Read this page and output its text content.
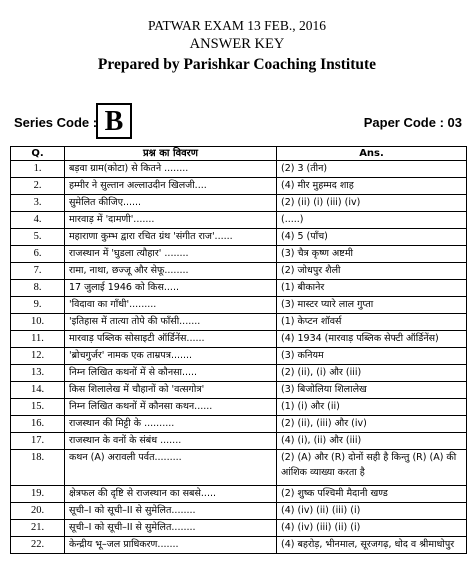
PATWAR EXAM 13 FEB., 2016
ANSWER KEY
Prepared by Parishkar Coaching Institute
Series Code : B	Paper Code : 03
Q.	प्रश्न का विवरण	Ans.
1.	बड़वा ग्राम(कोटा) से कितने ........	(2) 3 (तीन)
2.	हम्मीर ने सुल्तान अल्लाउदीन खिलजी....	(4) मीर मुहम्मद शाह
3.	सुमेलित कीजिए......	(2) (ii) (i) (iii) (iv)
4.	मारवाड़ में 'दामणी'.......	(.....)
5.	महाराणा कुम्भ द्वारा रचित ग्रंथ 'संगीत राज'......	(4) 5 (पाँच)
6.	राजस्थान में 'घुडला त्यौहार' ........	(3) चैत्र कृष्ण अष्टमी
7.	रामा, नाथा, छज्जू और सेफू........	(2) जोधपुर शैली
8.	17 जुलाई 1946 को किस.....	(1) बीकानेर
9.	'विदावा का गाँधी'.........	(3) मास्टर प्यारे लाल गुप्ता
10.	'इतिहास में तात्या तोपे की फाँसी.......	(1) केप्टन शॉवर्स
11.	मारवाड़ पब्लिक सोसाइटी ऑर्डिनेंस......	(4) 1934 (मारवाड़ पब्लिक सेफ्टी ऑर्डिनेंस)
12.	'ब्रोचगुर्जर' नामक एक ताम्रपत्र.......	(3) कनियम
13.	निम्न लिखित कथनों में से कौनसा.....	(2) (ii), (i) और (iii)
14.	किस शिलालेख में चौहानों को 'वत्सगोत्र'	(3) बिजोलिया शिलालेख
15.	निम्न लिखित कथनों में कौनसा कथन......	(1) (i) और (ii)
16.	राजस्थान की मिट्टी के ..........	(2) (ii), (iii) और (iv)
17.	राजस्थान के वनों के संबंध .......	(4) (i), (ii) और (iii)
18.	कथन (A) अरावली पर्वत.........	(2) (A) और (R) दोनों सही है किन्तु (R) (A) की आंशिक व्याख्या करता है
19.	क्षेत्रफल की दृष्टि से राजस्थान का सबसे.....	(2) शुष्क पश्चिमी मैदानी खण्ड
20.	सूची–I को सूची–II से सुमेलित........	(4) (iv) (ii) (iii) (i)
21.	सूची–I को सूची–II से सुमेलित........	(4) (iv) (iii) (ii) (i)
22.	केन्द्रीय भू–जल प्राधिकरण.......	(4) बहरोड़, भीनमाल, सूरजगढ़, धोद व श्रीमाधोपुर
